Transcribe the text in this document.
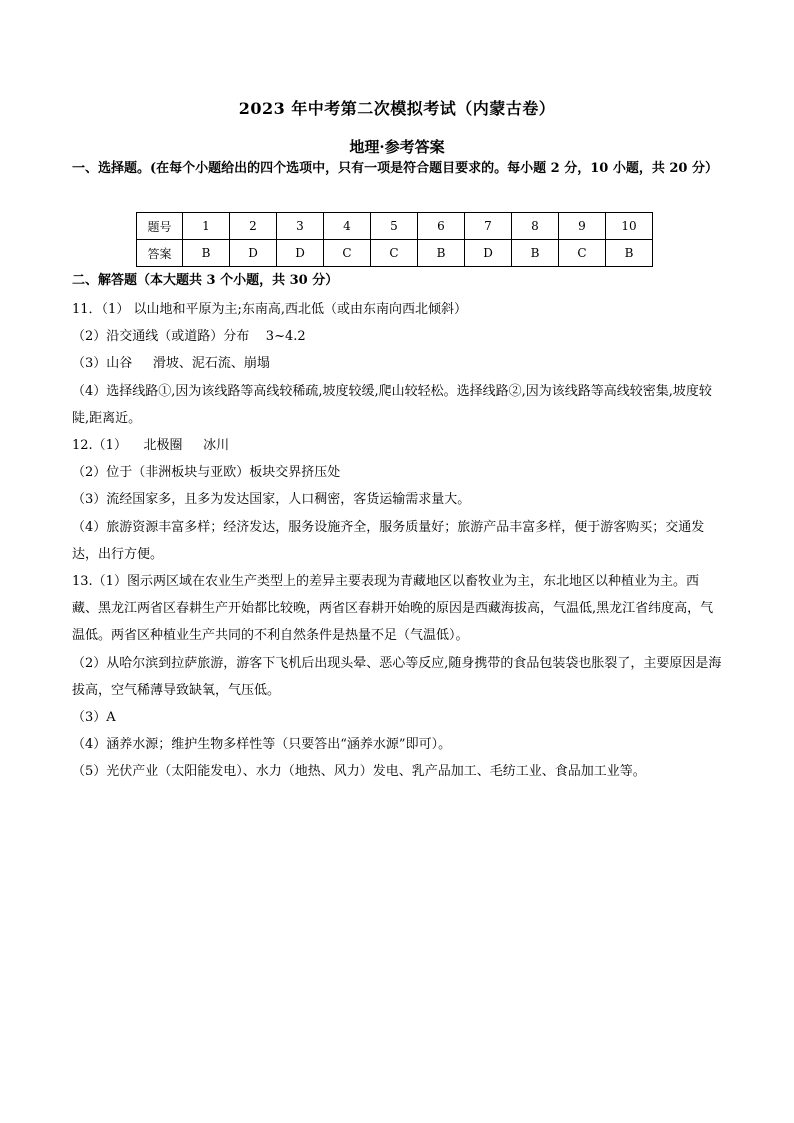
2023 年中考第二次模拟考试（内蒙古卷）
地理·参考答案
一、选择题。(在每个小题给出的四个选项中，只有一项是符合题目要求的。每小题 2 分，10 小题，共 20 分）
题号	1	2	3	4	5	6	7	8	9	10
答案	B	D	D	C	C	B	D	B	C	B
二、解答题（本大题共 3 个小题，共 30 分）

11．（1） 以山地和平原为主;东南高,西北低（或由东南向西北倾斜）

（2）沿交通线（或道路）分布    3~4.2

（3）山谷     滑坡、泥石流、崩塌

（4）选择线路①,因为该线路等高线较稀疏,坡度较缓,爬山较轻松。选择线路②,因为该线路等高线较密集,坡度较陡,距离近。

12.（1）    北极圈     冰川

（2）位于（非洲板块与亚欧）板块交界挤压处

（3）流经国家多，且多为发达国家，人口稠密，客货运输需求量大。

（4）旅游资源丰富多样；经济发达，服务设施齐全，服务质量好；旅游产品丰富多样，便于游客购买；交通发达，出行方便。

13.（1）图示两区域在农业生产类型上的差异主要表现为青藏地区以畜牧业为主，东北地区以种植业为主。西藏、黑龙江两省区春耕生产开始都比较晚，两省区春耕开始晚的原因是西藏海拔高，气温低,黑龙江省纬度高，气温低。两省区种植业生产共同的不利自然条件是热量不足（气温低）。

（2）从哈尔滨到拉萨旅游，游客下飞机后出现头晕、恶心等反应,随身携带的食品包装袋也胀裂了，主要原因是海拔高，空气稀薄导致缺氧，气压低。

（3）A

（4）涵养水源；维护生物多样性等（只要答出“涵养水源”即可）。

（5）光伏产业（太阳能发电）、水力（地热、风力）发电、乳产品加工、毛纺工业、食品加工业等。
